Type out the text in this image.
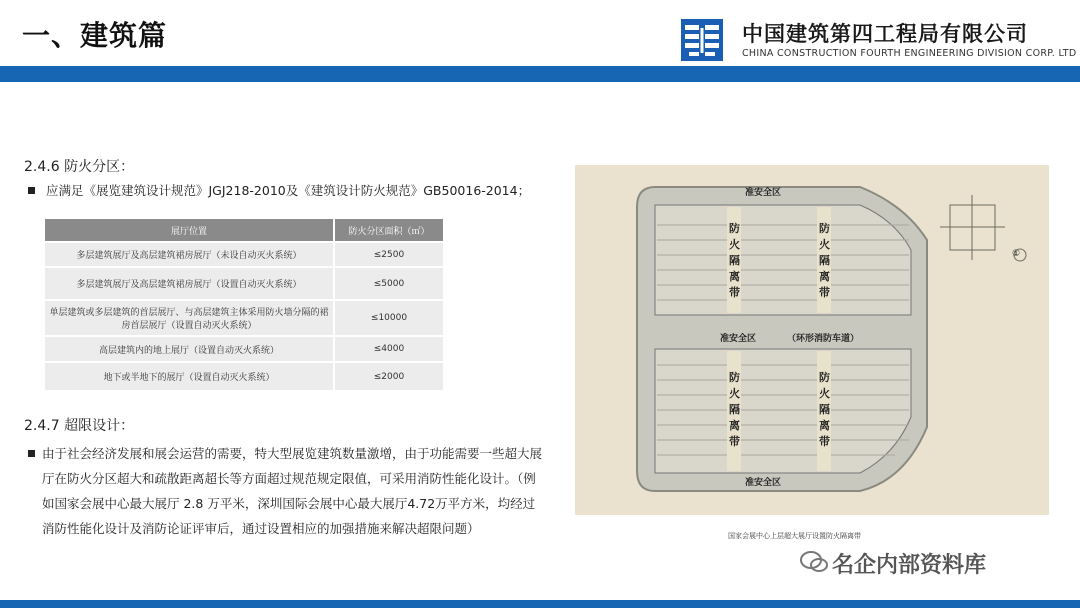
一、建筑篇	中国建筑第四工程局有限公司
CHINA CONSTRUCTION FOURTH ENGINEERING DIVISION CORP. LTD
2.4.6 防火分区：
应满足《展览建筑设计规范》JGJ218-2010及《建筑设计防火规范》GB50016-2014；
展厅位置	防火分区面积（㎡）
多层建筑展厅及高层建筑裙房展厅（未设自动灭火系统）	≤2500
多层建筑展厅及高层建筑裙房展厅（设置自动灭火系统）	≤5000
单层建筑或多层建筑的首层展厅、与高层建筑主体采用防火墙分隔的裙房首层展厅（设置自动灭火系统）	≤10000
高层建筑内的地上展厅（设置自动灭火系统）	≤4000
地下或半地下的展厅（设置自动灭火系统）	≤2000
2.4.7 超限设计：
由于社会经济发展和展会运营的需要，特大型展览建筑数量激增，由于功能需要一些超大展厅在防火分区超大和疏散距离超长等方面超过规范规定限值，可采用消防性能化设计。（例如国家会展中心最大展厅 2.8 万平米，深圳国际会展中心最大展厅4.72万平方米，均经过消防性能化设计及消防论证评审后，通过设置相应的加强措施来解决超限问题）
准安全区
准安全区	（环形消防车道）
准安全区
防火隔离带
防火隔离带
防火隔离带
防火隔离带
①
国家会展中心上层超大展厅设置防火隔离带
名企内部资料库
